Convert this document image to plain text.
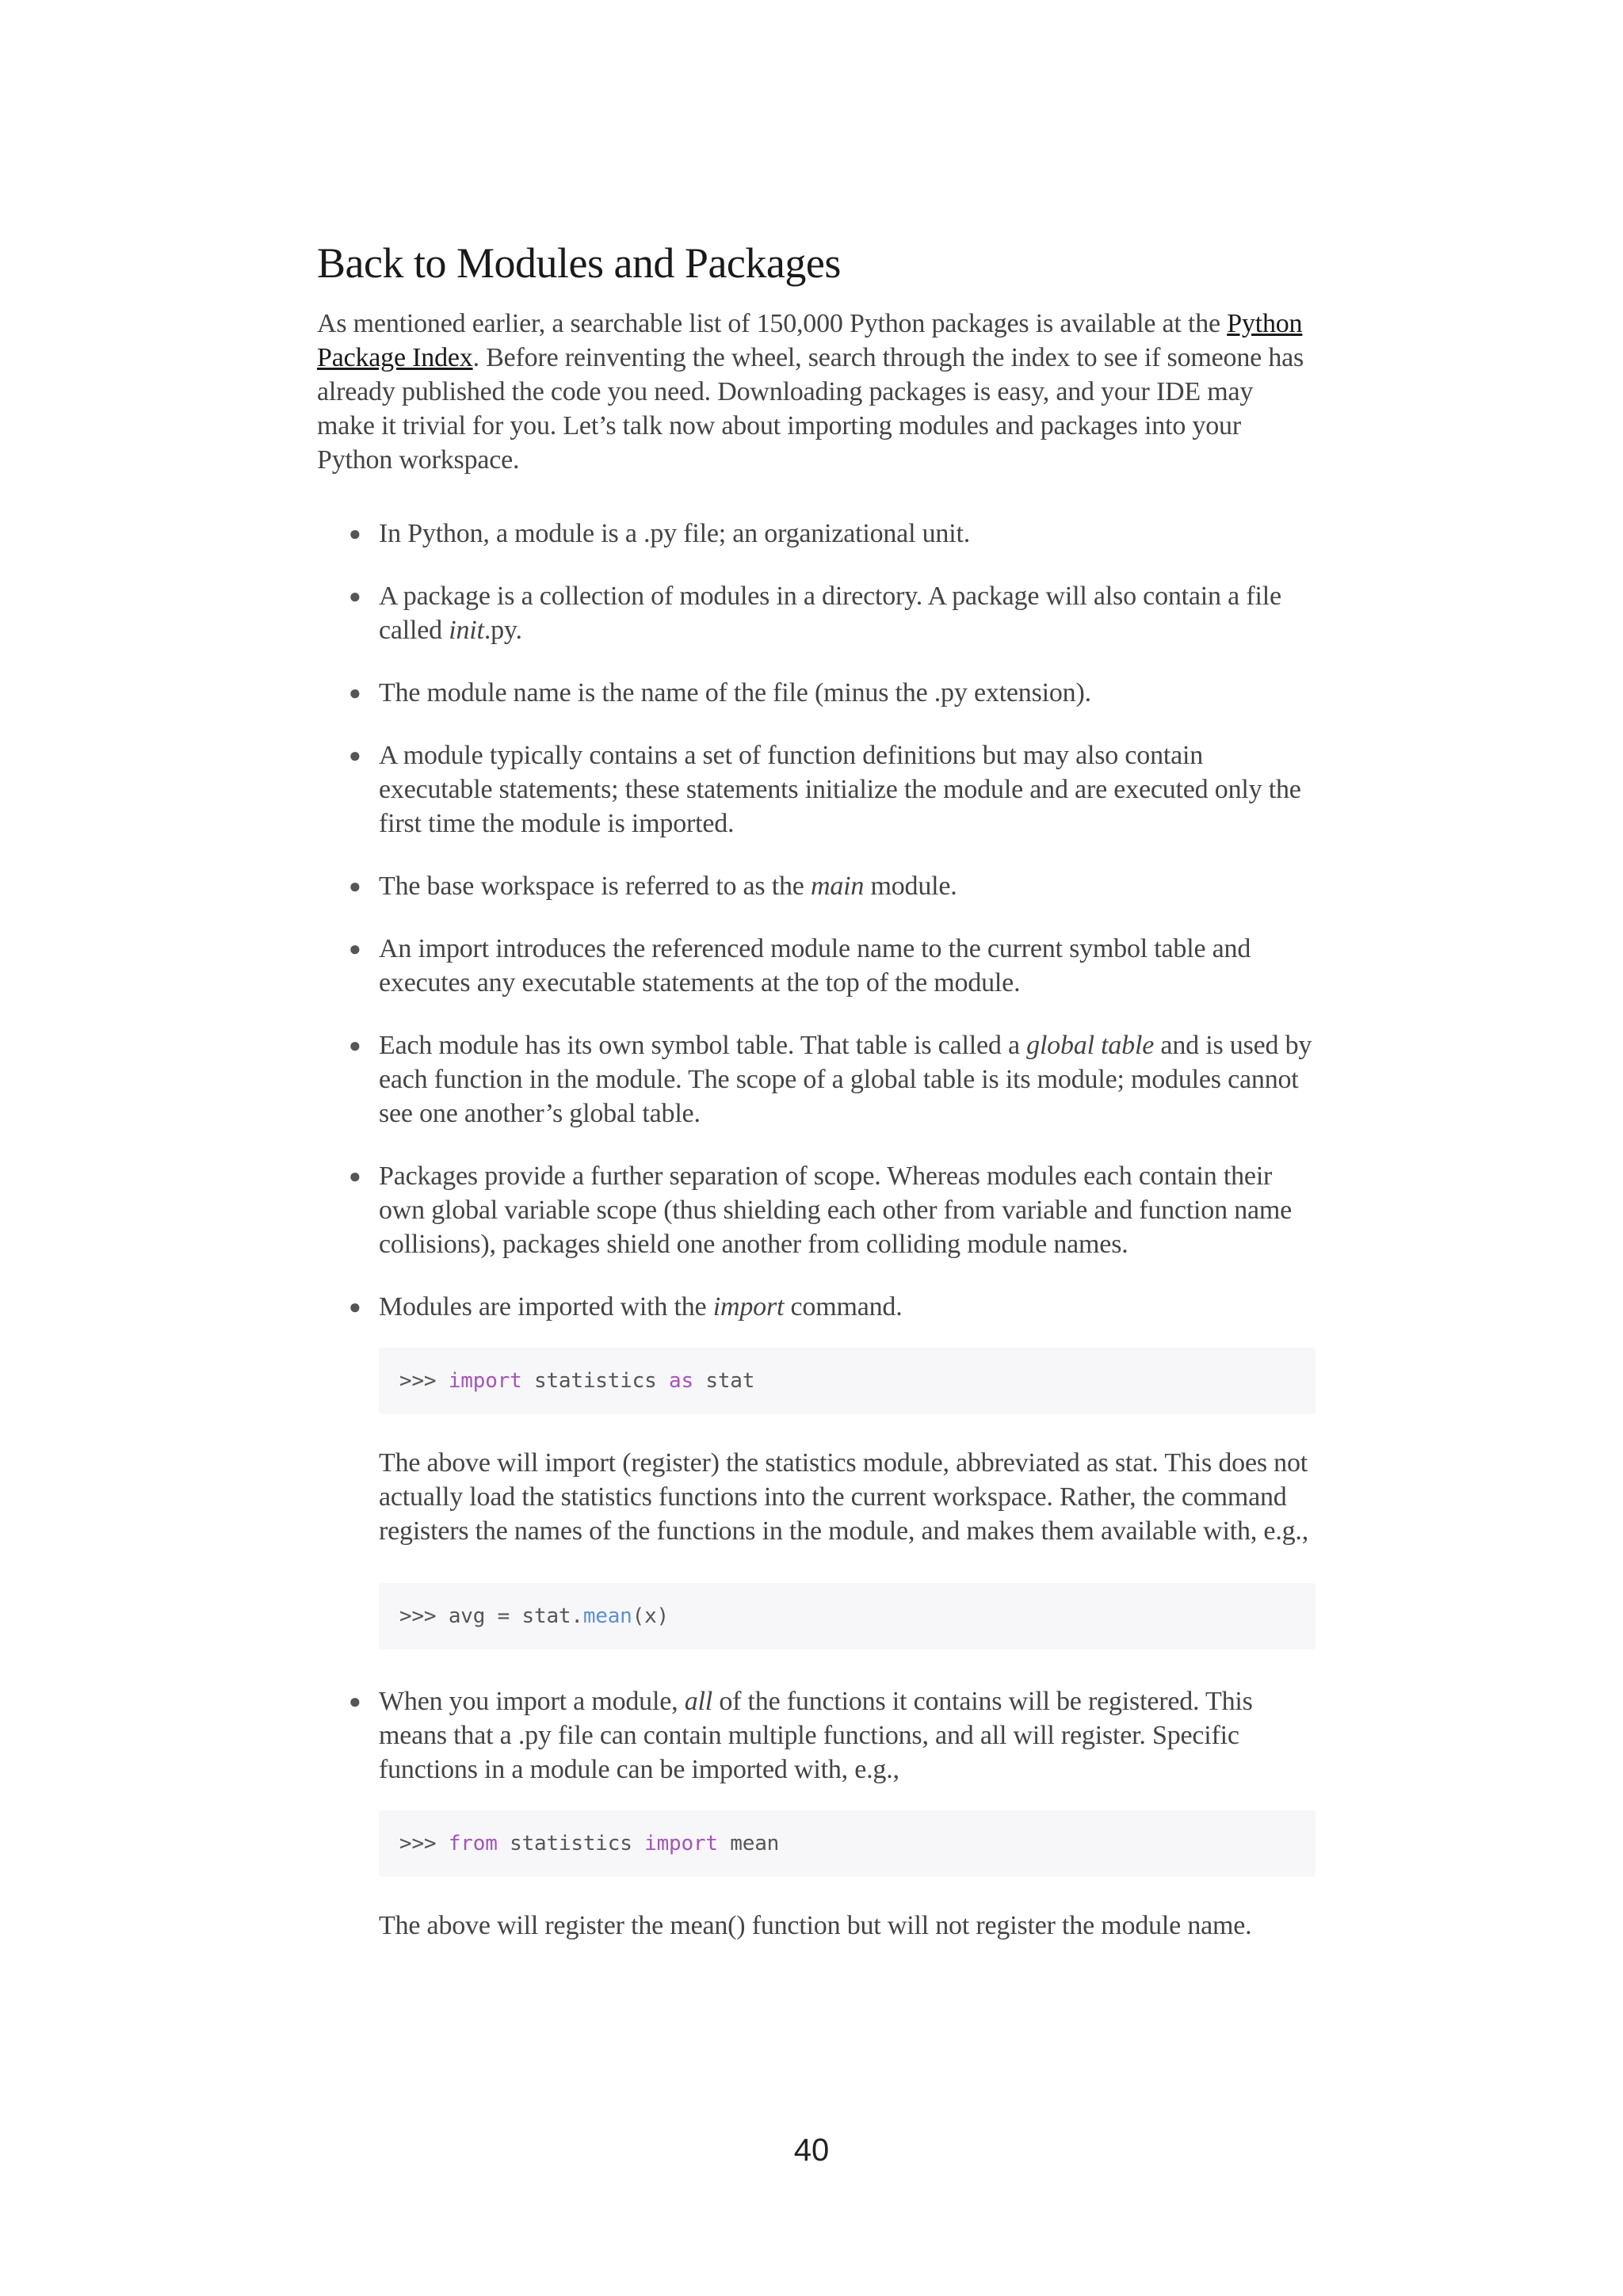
Back to Modules and Packages

As mentioned earlier, a searchable list of 150,000 Python packages is available at the Python Package Index. Before reinventing the wheel, search through the index to see if someone has already published the code you need. Downloading packages is easy, and your IDE may make it trivial for you. Let’s talk now about importing modules and packages into your Python workspace.

● In Python, a module is a .py file; an organizational unit.
● A package is a collection of modules in a directory. A package will also contain a file called init.py.
● The module name is the name of the file (minus the .py extension).
● A module typically contains a set of function definitions but may also contain executable statements; these statements initialize the module and are executed only the first time the module is imported.
● The base workspace is referred to as the main module.
● An import introduces the referenced module name to the current symbol table and executes any executable statements at the top of the module.
● Each module has its own symbol table. That table is called a global table and is used by each function in the module. The scope of a global table is its module; modules cannot see one another’s global table.
● Packages provide a further separation of scope. Whereas modules each contain their own global variable scope (thus shielding each other from variable and function name collisions), packages shield one another from colliding module names.
● Modules are imported with the import command.
>>> import statistics as stat

The above will import (register) the statistics module, abbreviated as stat. This does not actually load the statistics functions into the current workspace. Rather, the command registers the names of the functions in the module, and makes them available with, e.g.,

>>> avg = stat.mean(x)
● When you import a module, all of the functions it contains will be registered. This means that a .py file can contain multiple functions, and all will register. Specific functions in a module can be imported with, e.g.,
>>> from statistics import mean

The above will register the mean() function but will not register the module name.

40
